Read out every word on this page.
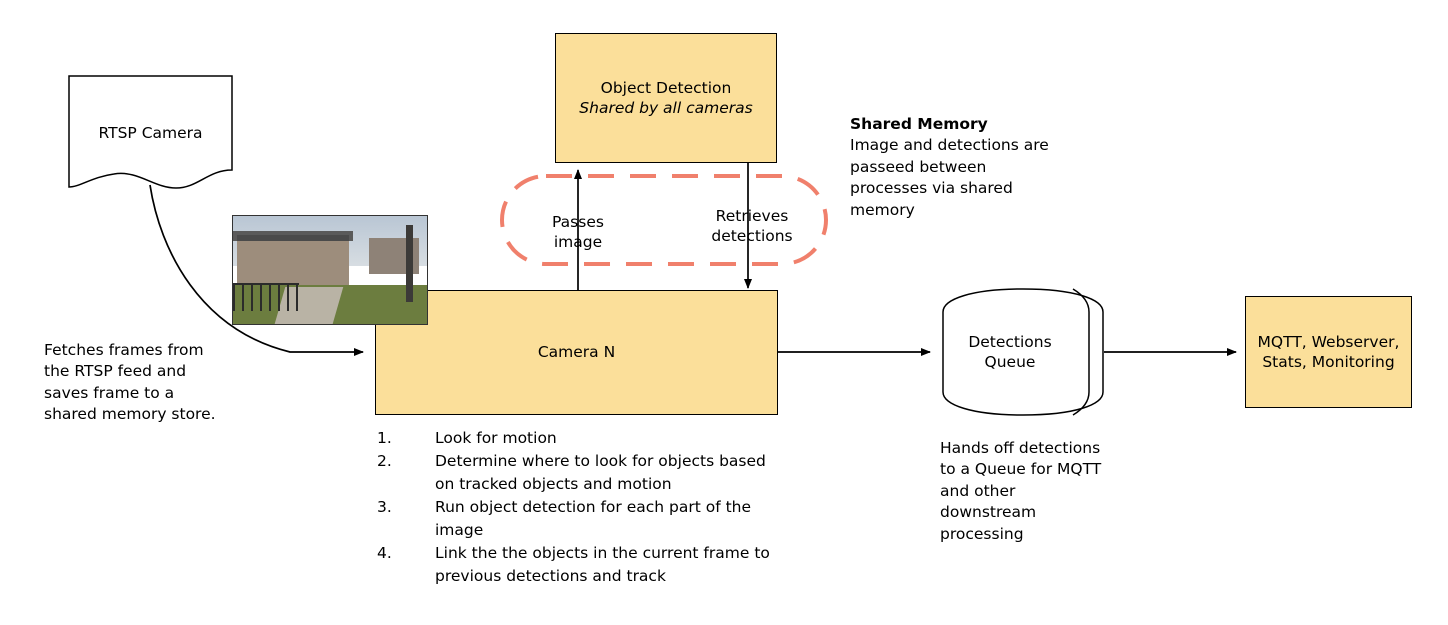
RTSP Camera
Object Detection
Shared by all cameras
Camera N
Passes
image
Retrieves
detections
Shared Memory
Image and detections are passeed between processes via shared memory
Fetches frames from the RTSP feed and saves frame to a shared memory store.
Detections
Queue
MQTT, Webserver,
Stats, Monitoring
Hands off detections to a Queue for MQTT and other downstream processing
1.	Look for motion
2.	Determine where to look for objects based on tracked objects and motion
3.	Run object detection for each part of the image
4.	Link the the objects in the current frame to previous detections and track
